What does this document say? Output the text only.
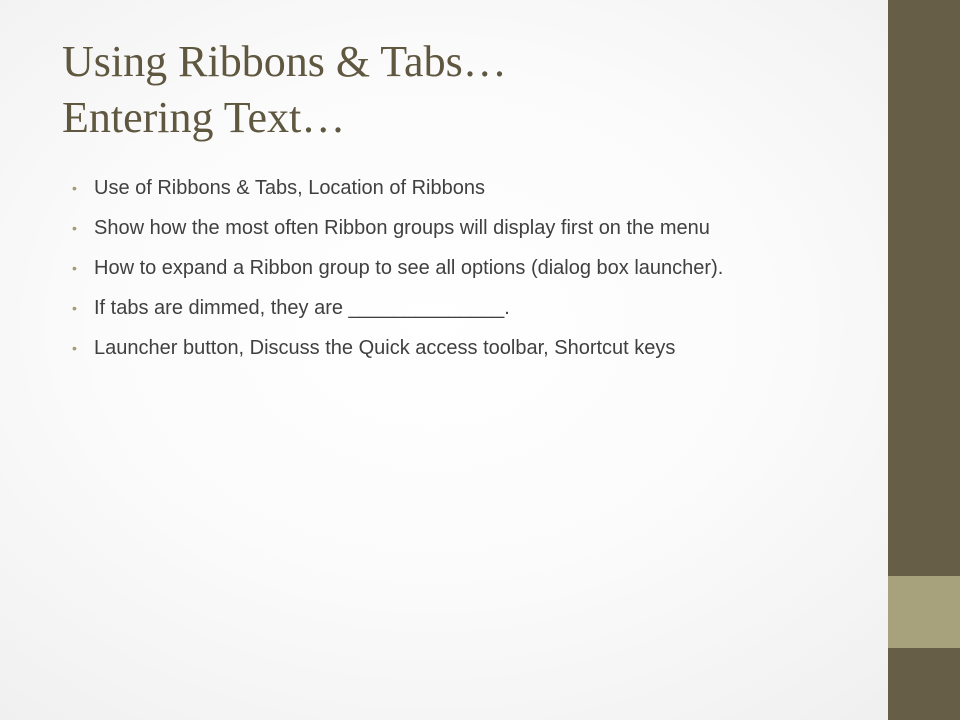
Using Ribbons & Tabs…
Entering Text…
• Use of Ribbons & Tabs, Location of Ribbons
• Show how the most often Ribbon groups will display first on the menu
• How to expand a Ribbon group to see all options (dialog box launcher).
• If tabs are dimmed, they are ______________.
• Launcher button, Discuss the Quick access toolbar, Shortcut keys
